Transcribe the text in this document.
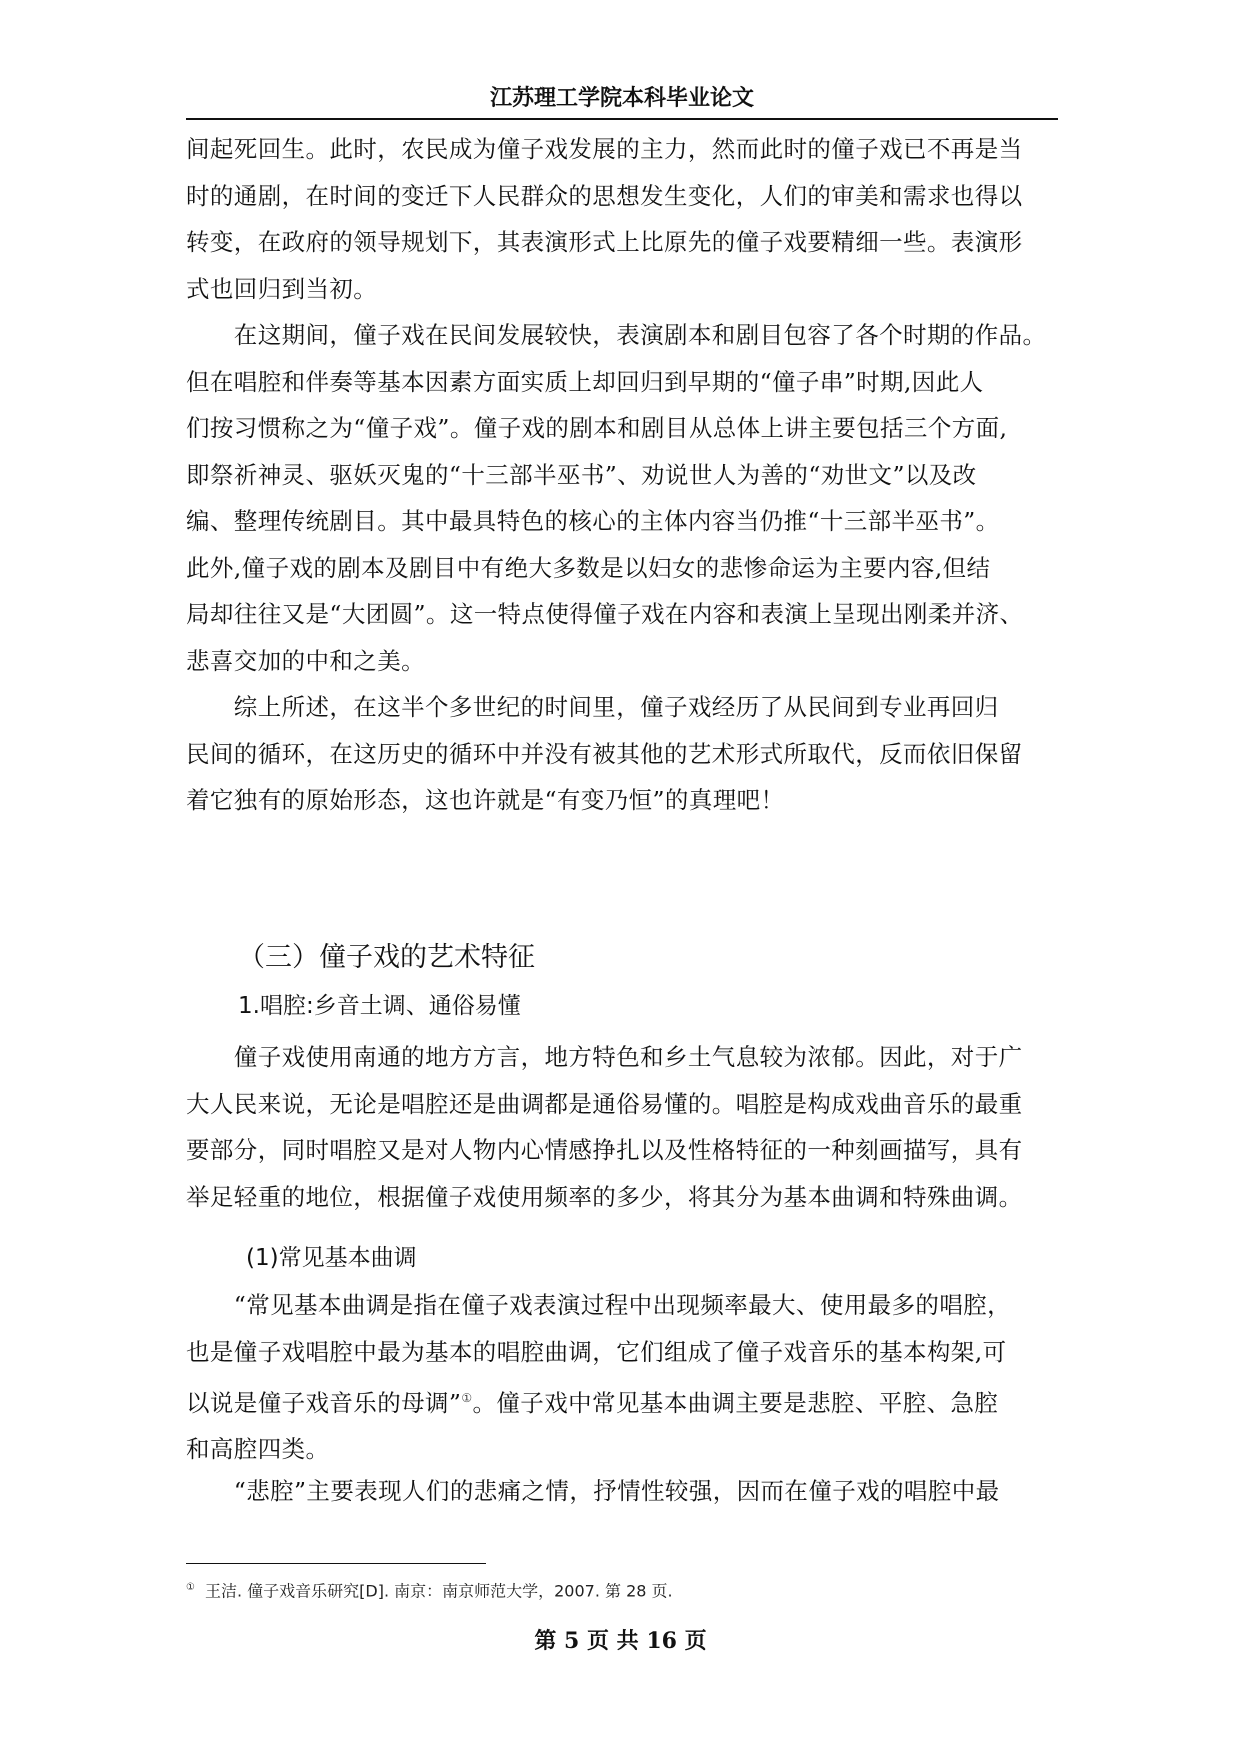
江苏理工学院本科毕业论文
间起死回生。此时，农民成为僮子戏发展的主力，然而此时的僮子戏已不再是当
时的通剧，在时间的变迁下人民群众的思想发生变化，人们的审美和需求也得以
转变，在政府的领导规划下，其表演形式上比原先的僮子戏要精细一些。表演形
式也回归到当初。
　　在这期间，僮子戏在民间发展较快，表演剧本和剧目包容了各个时期的作品。
但在唱腔和伴奏等基本因素方面实质上却回归到早期的“僮子串”时期,因此人
们按习惯称之为“僮子戏”。僮子戏的剧本和剧目从总体上讲主要包括三个方面,
即祭祈神灵、驱妖灭鬼的“十三部半巫书”、劝说世人为善的“劝世文”以及改
编、整理传统剧目。其中最具特色的核心的主体内容当仍推“十三部半巫书”。
此外,僮子戏的剧本及剧目中有绝大多数是以妇女的悲惨命运为主要内容,但结
局却往往又是“大团圆”。这一特点使得僮子戏在内容和表演上呈现出刚柔并济、
悲喜交加的中和之美。
　　综上所述，在这半个多世纪的时间里，僮子戏经历了从民间到专业再回归
民间的循环，在这历史的循环中并没有被其他的艺术形式所取代，反而依旧保留
着它独有的原始形态，这也许就是“有变乃恒”的真理吧！
（三）僮子戏的艺术特征
1.唱腔:乡音土调、通俗易懂
　　僮子戏使用南通的地方方言，地方特色和乡土气息较为浓郁。因此，对于广
大人民来说，无论是唱腔还是曲调都是通俗易懂的。唱腔是构成戏曲音乐的最重
要部分，同时唱腔又是对人物内心情感挣扎以及性格特征的一种刻画描写，具有
举足轻重的地位，根据僮子戏使用频率的多少，将其分为基本曲调和特殊曲调。
(1)常见基本曲调
　　“常见基本曲调是指在僮子戏表演过程中出现频率最大、使用最多的唱腔，
也是僮子戏唱腔中最为基本的唱腔曲调，它们组成了僮子戏音乐的基本构架,可
以说是僮子戏音乐的母调”①。僮子戏中常见基本曲调主要是悲腔、平腔、急腔
和高腔四类。
　　“悲腔”主要表现人们的悲痛之情，抒情性较强，因而在僮子戏的唱腔中最
① 王洁. 僮子戏音乐研究[D]. 南京：南京师范大学，2007. 第 28 页.
第 5 页 共 16 页
